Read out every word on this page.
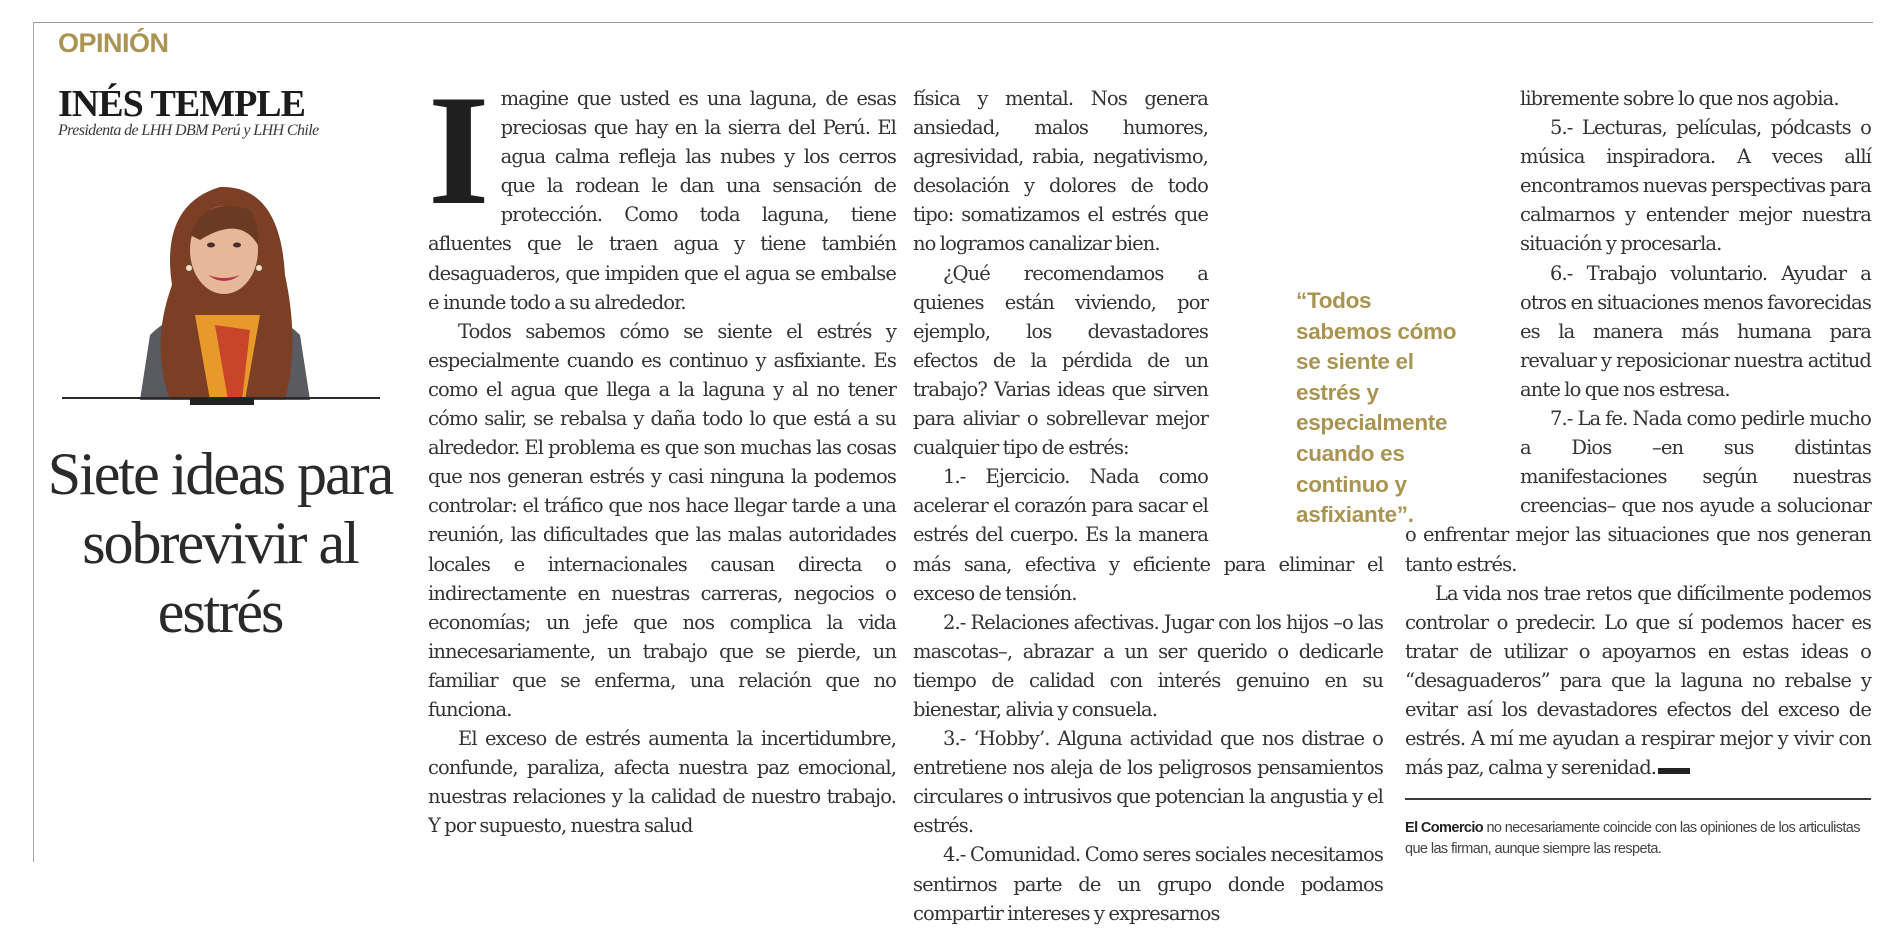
OPINIÓN
INÉS TEMPLE
Presidenta de LHH DBM Perú y LHH Chile
Siete ideas para sobrevivir al estrés
I magine que usted es una laguna, de esas preciosas que hay en la sierra del Perú. El agua calma refleja las nubes y los cerros que la rodean le dan una sensación de protección. Como toda laguna, tiene afluentes que le traen agua y tiene también desaguaderos, que impiden que el agua se embalse e inunde todo a su alrededor.

Todos sabemos cómo se siente el estrés y especialmente cuando es continuo y asfixiante. Es como el agua que llega a la laguna y al no tener cómo salir, se rebalsa y daña todo lo que está a su alrededor. El problema es que son muchas las cosas que nos generan estrés y casi ninguna la podemos controlar: el tráfico que nos hace llegar tarde a una reunión, las dificultades que las malas autoridades locales e internacionales causan directa o indirectamente en nuestras carreras, negocios o economías; un jefe que nos complica la vida innecesariamente, un trabajo que se pierde, un familiar que se enferma, una relación que no funciona.

El exceso de estrés aumenta la incertidumbre, confunde, paraliza, afecta nuestra paz emocional, nuestras relaciones y la calidad de nuestro trabajo. Y por supuesto, nuestra salud

física y mental. Nos genera ansiedad, malos humores, agresividad, rabia, negativismo, desolación y dolores de todo tipo: somatizamos el estrés que no logramos canalizar bien.

¿Qué recomendamos a quienes están viviendo, por ejemplo, los devastadores efectos de la pérdida de un trabajo? Varias ideas que sirven para aliviar o sobrellevar mejor cualquier tipo de estrés:

1.- Ejercicio. Nada como acelerar el corazón para sacar el estrés del cuerpo. Es la manera más sana, efectiva y eficiente para eliminar el exceso de tensión.

2.- Relaciones afectivas. Jugar con los hijos –o las mascotas–, abrazar a un ser querido o dedicarle tiempo de calidad con interés genuino en su bienestar, alivia y consuela.

3.- ‘Hobby’. Alguna actividad que nos distrae o entretiene nos aleja de los peligrosos pensamientos circulares o intrusivos que potencian la angustia y el estrés.

4.- Comunidad. Como seres sociales necesitamos sentirnos parte de un grupo donde podamos compartir intereses y expresarnos

“Todos sabemos cómo se siente el estrés y especialmente cuando es continuo y asfixiante”.

libremente sobre lo que nos agobia.

5.- Lecturas, películas, pódcasts o música inspiradora. A veces allí encontramos nuevas perspectivas para calmarnos y entender mejor nuestra situación y procesarla.

6.- Trabajo voluntario. Ayudar a otros en situaciones menos favorecidas es la manera más humana para revaluar y reposicionar nuestra actitud ante lo que nos estresa.

7.- La fe. Nada como pedirle mucho a Dios –en sus distintas manifestaciones según nuestras creencias– que nos ayude a solucionar o enfrentar mejor las situaciones que nos generan tanto estrés.

La vida nos trae retos que difícilmente podemos controlar o predecir. Lo que sí podemos hacer es tratar de utilizar o apoyarnos en estas ideas o “desaguaderos” para que la laguna no rebalse y evitar así los devastadores efectos del exceso de estrés. A mí me ayudan a respirar mejor y vivir con más paz, calma y serenidad.

El Comercio no necesariamente coincide con las opiniones de los articulistas que las firman, aunque siempre las respeta.
